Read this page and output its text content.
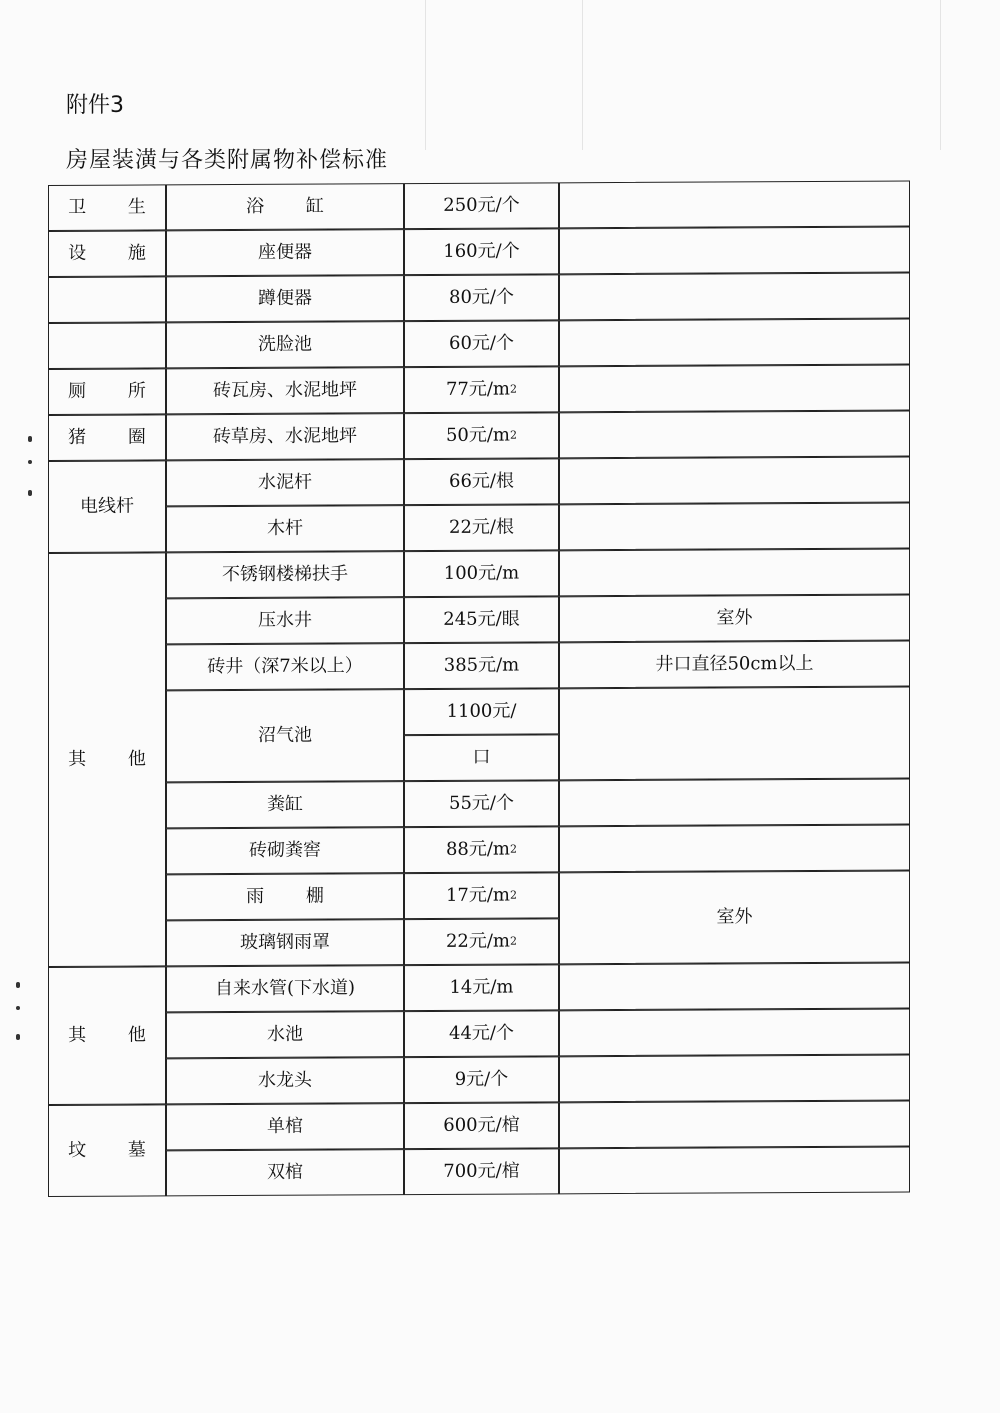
附件3
房屋装潢与各类附属物补偿标准
卫 生
设 施
厕 所
猪 圈
电线杆
其 他
其 他
坟 墓
浴 缸
座便器
蹲便器
洗脸池
砖瓦房、水泥地坪
砖草房、水泥地坪
水泥杆
木杆
不锈钢楼梯扶手
压水井
砖井（深7米以上）
沼气池
粪缸
砖砌粪窖
雨 棚
玻璃钢雨罩
自来水管(下水道)
水池
水龙头
单棺
双棺
250元/个
160元/个
80元/个
60元/个
77元/m 2
50元/m 2
66元/根
22元/根
100元/m
245元/眼
385元/m
1100元/
口
55元/个
88元/m 2
17元/m 2
22元/m 2
14元/m
44元/个
9元/个
600元/棺
700元/棺
室外
井口直径50cm以上
室外
